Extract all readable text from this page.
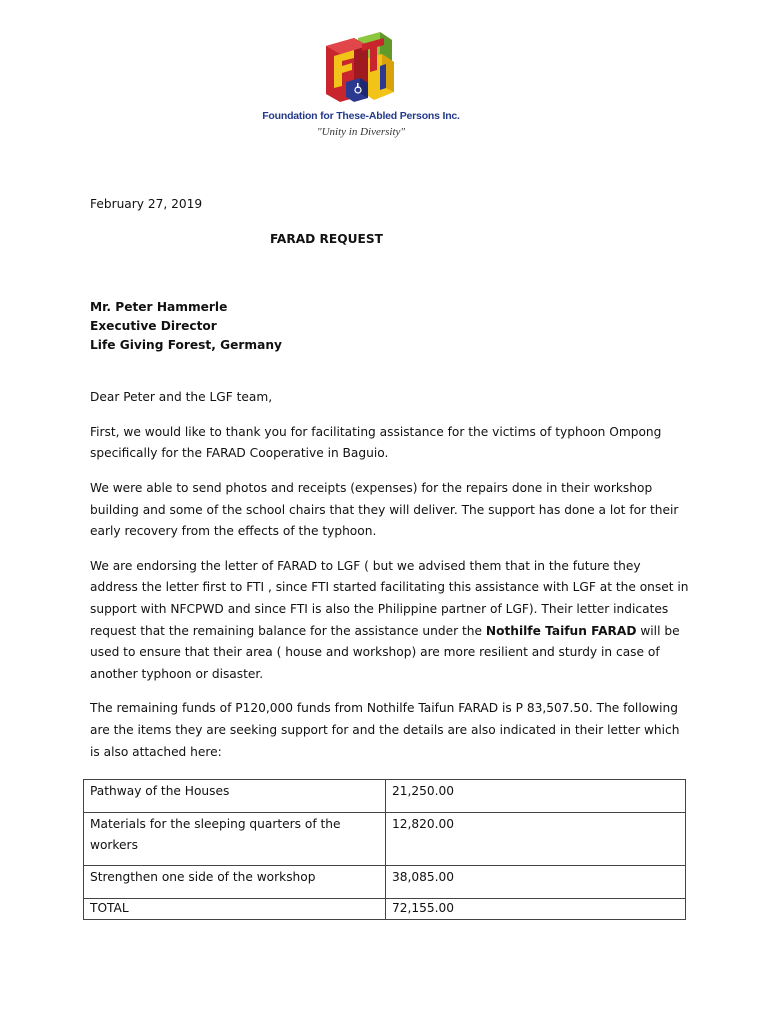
Foundation for These-Abled Persons Inc.
"Unity in Diversity"

February 27, 2019

FARAD REQUEST

Mr. Peter Hammerle
Executive Director
Life Giving Forest, Germany

Dear Peter and the LGF team,

First, we would like to thank you for facilitating assistance for the victims of typhoon Ompong specifically for the FARAD Cooperative in Baguio.

We were able to send photos and receipts (expenses) for the repairs done in their workshop building and some of the school chairs that they will deliver. The support has done a lot for their early recovery from the effects of the typhoon.

We are endorsing the letter of FARAD to LGF ( but we advised them that in the future they address the letter first to FTI , since FTI started facilitating this assistance with LGF at the onset in support with NFCPWD and since FTI is also the Philippine partner of LGF). Their letter indicates request that the remaining balance for the assistance under the Nothilfe Taifun FARAD will be used to ensure that their area ( house and workshop) are more resilient and sturdy in case of another typhoon or disaster.

The remaining funds of P120,000 funds from Nothilfe Taifun FARAD is P 83,507.50. The following are the items they are seeking support for and the details are also indicated in their letter which is also attached here:

Pathway of the Houses	21,250.00
Materials for the sleeping quarters of the workers	12,820.00
Strengthen one side of the workshop	38,085.00
TOTAL	72,155.00
